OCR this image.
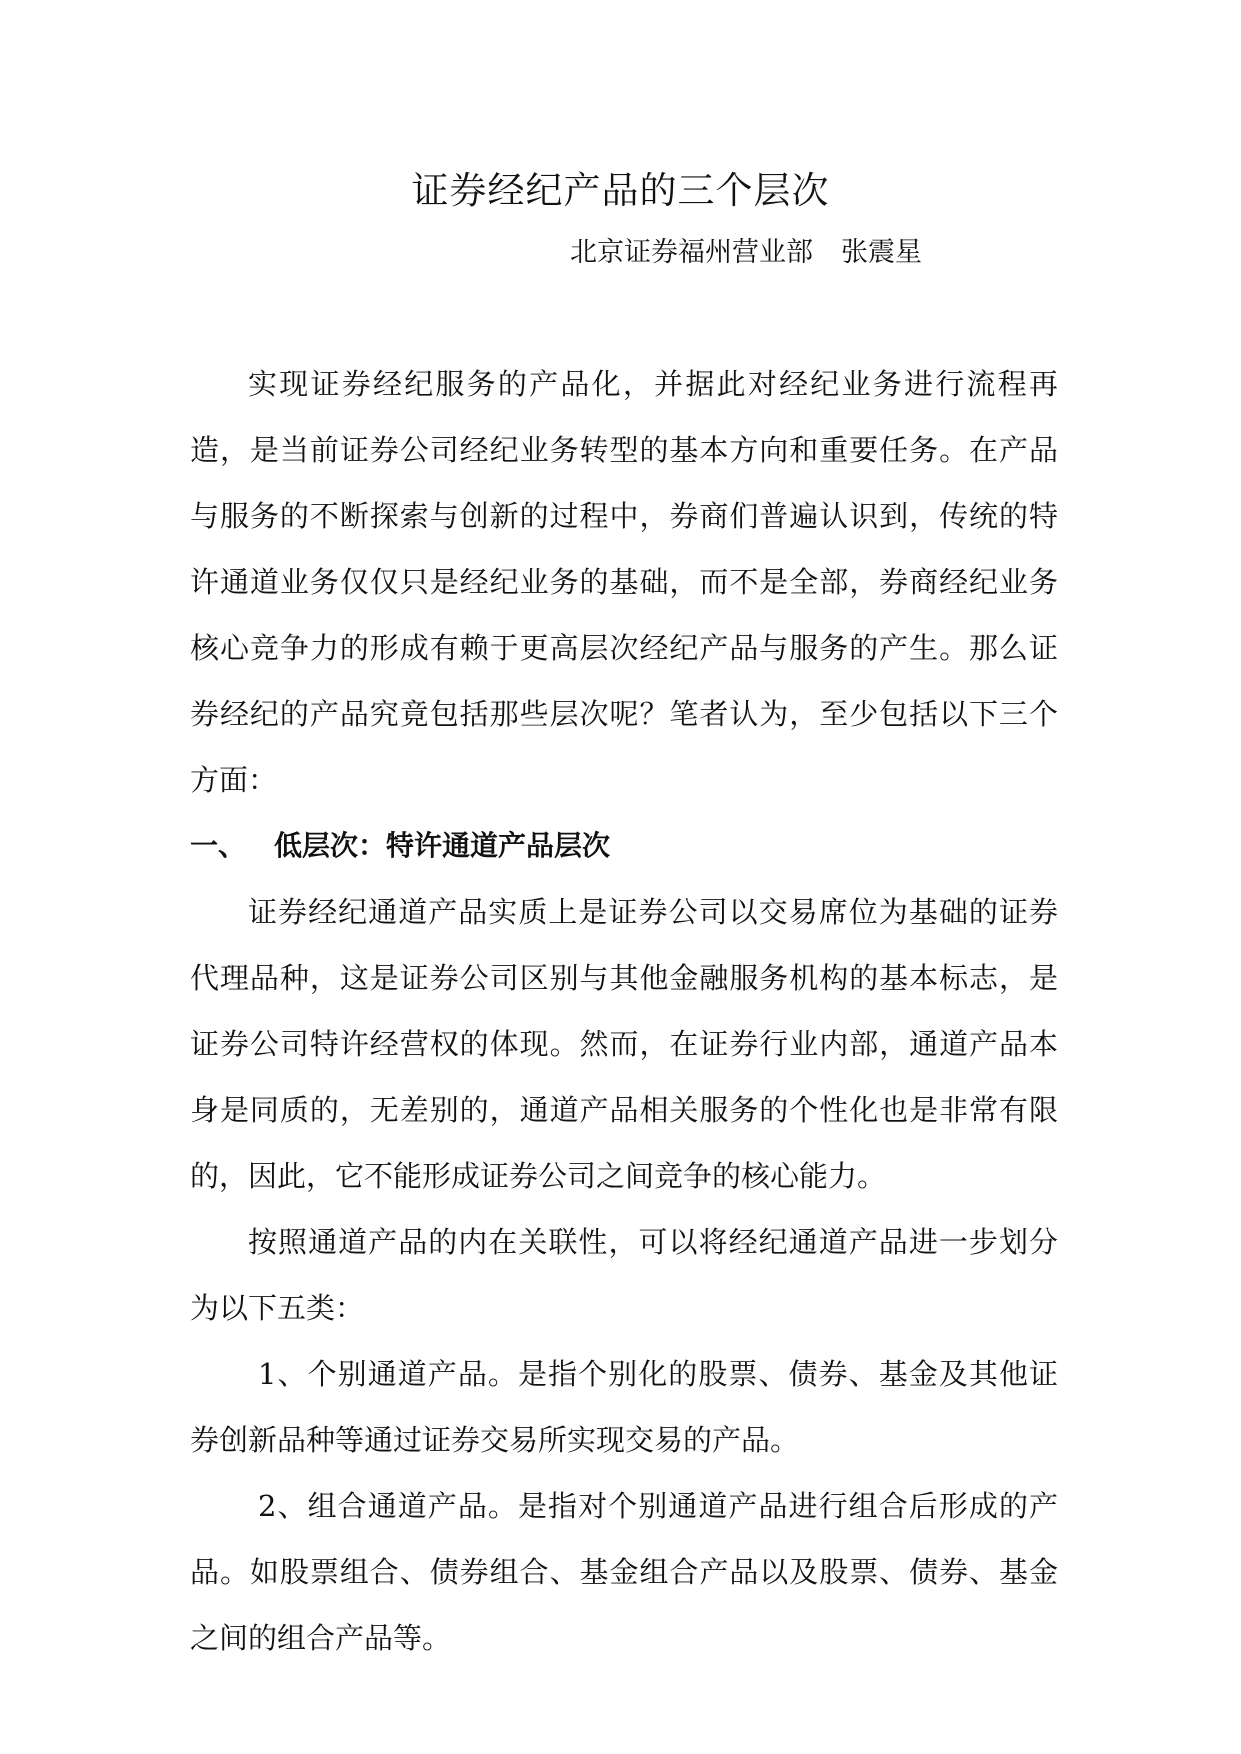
证券经纪产品的三个层次

北京证券福州营业部 张震星

实现证券经纪服务的产品化，并据此对经纪业务进行流程再造，是当前证券公司经纪业务转型的基本方向和重要任务。在产品与服务的不断探索与创新的过程中，券商们普遍认识到，传统的特许通道业务仅仅只是经纪业务的基础，而不是全部，券商经纪业务核心竞争力的形成有赖于更高层次经纪产品与服务的产生。那么证券经纪的产品究竟包括那些层次呢？笔者认为，至少包括以下三个方面：

一、 低层次：特许通道产品层次

证券经纪通道产品实质上是证券公司以交易席位为基础的证券代理品种，这是证券公司区别与其他金融服务机构的基本标志，是证券公司特许经营权的体现。然而，在证券行业内部，通道产品本身是同质的，无差别的，通道产品相关服务的个性化也是非常有限的，因此，它不能形成证券公司之间竞争的核心能力。

按照通道产品的内在关联性，可以将经纪通道产品进一步划分为以下五类：

1、个别通道产品。是指个别化的股票、债券、基金及其他证券创新品种等通过证券交易所实现交易的产品。

2、组合通道产品。是指对个别通道产品进行组合后形成的产品。如股票组合、债券组合、基金组合产品以及股票、债券、基金之间的组合产品等。
